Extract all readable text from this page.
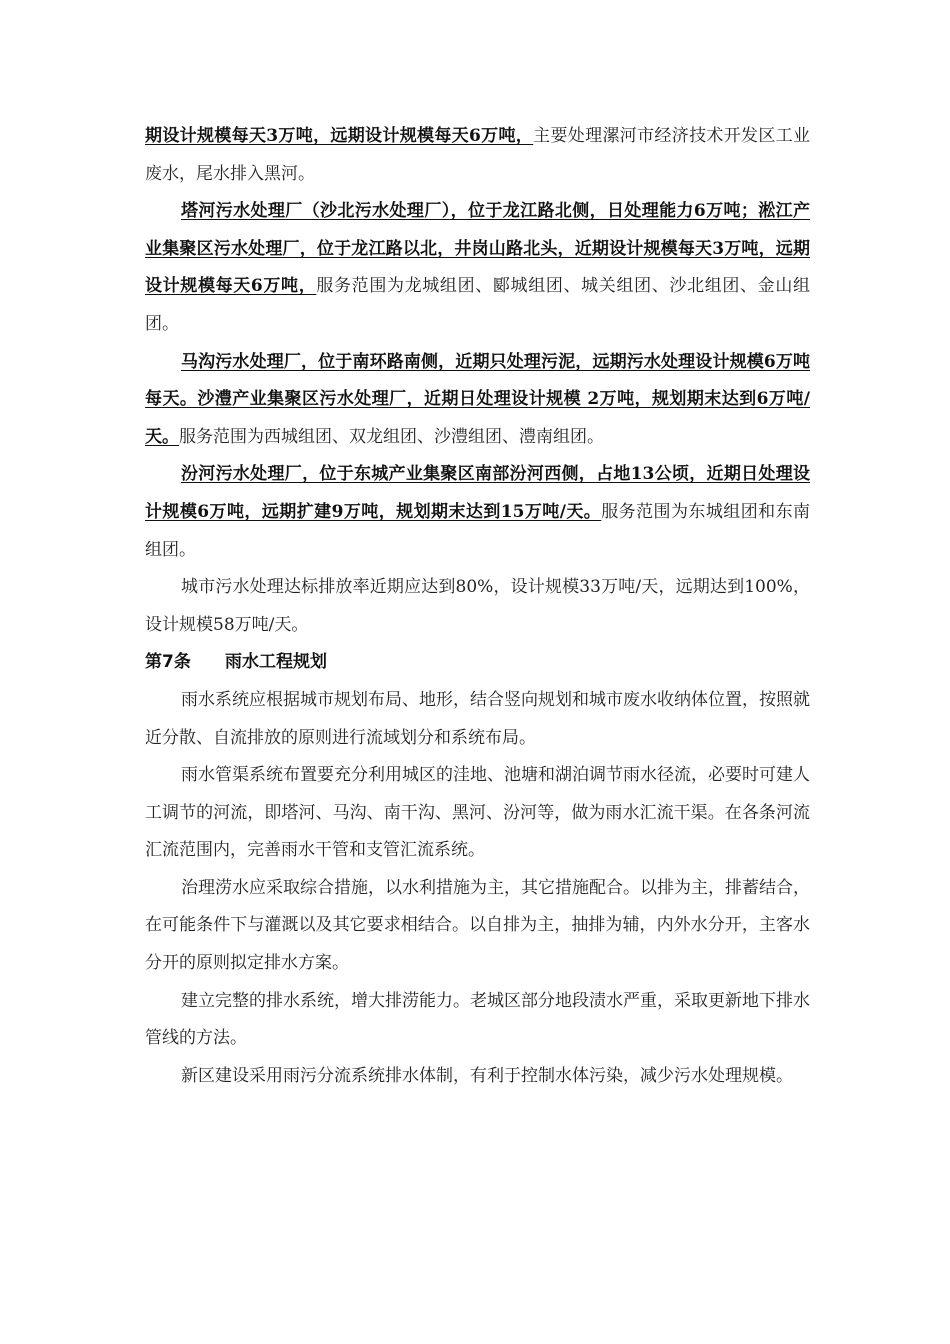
期设计规模每天3万吨，远期设计规模每天6万吨，主要处理漯河市经济技术开发区工业废水，尾水排入黑河。

塔河污水处理厂（沙北污水处理厂），位于龙江路北侧，日处理能力6万吨；淞江产业集聚区污水处理厂，位于龙江路以北，井岗山路北头，近期设计规模每天3万吨，远期设计规模每天6万吨，服务范围为龙城组团、郾城组团、城关组团、沙北组团、金山组团。

马沟污水处理厂，位于南环路南侧，近期只处理污泥，远期污水处理设计规模6万吨每天。沙澧产业集聚区污水处理厂，近期日处理设计规模 2万吨，规划期末达到6万吨/天。服务范围为西城组团、双龙组团、沙澧组团、澧南组团。

汾河污水处理厂，位于东城产业集聚区南部汾河西侧，占地13公顷，近期日处理设计规模6万吨，远期扩建9万吨，规划期末达到15万吨/天。服务范围为东城组团和东南组团。

城市污水处理达标排放率近期应达到80%，设计规模33万吨/天，远期达到100%，设计规模58万吨/天。

第7条 雨水工程规划

雨水系统应根据城市规划布局、地形，结合竖向规划和城市废水收纳体位置，按照就近分散、自流排放的原则进行流域划分和系统布局。

雨水管渠系统布置要充分利用城区的洼地、池塘和湖泊调节雨水径流，必要时可建人工调节的河流，即塔河、马沟、南干沟、黑河、汾河等，做为雨水汇流干渠。在各条河流汇流范围内，完善雨水干管和支管汇流系统。

治理涝水应采取综合措施，以水利措施为主，其它措施配合。以排为主，排蓄结合，在可能条件下与灌溉以及其它要求相结合。以自排为主，抽排为辅，内外水分开，主客水分开的原则拟定排水方案。

建立完整的排水系统，增大排涝能力。老城区部分地段渍水严重，采取更新地下排水管线的方法。

新区建设采用雨污分流系统排水体制，有利于控制水体污染，减少污水处理规模。
